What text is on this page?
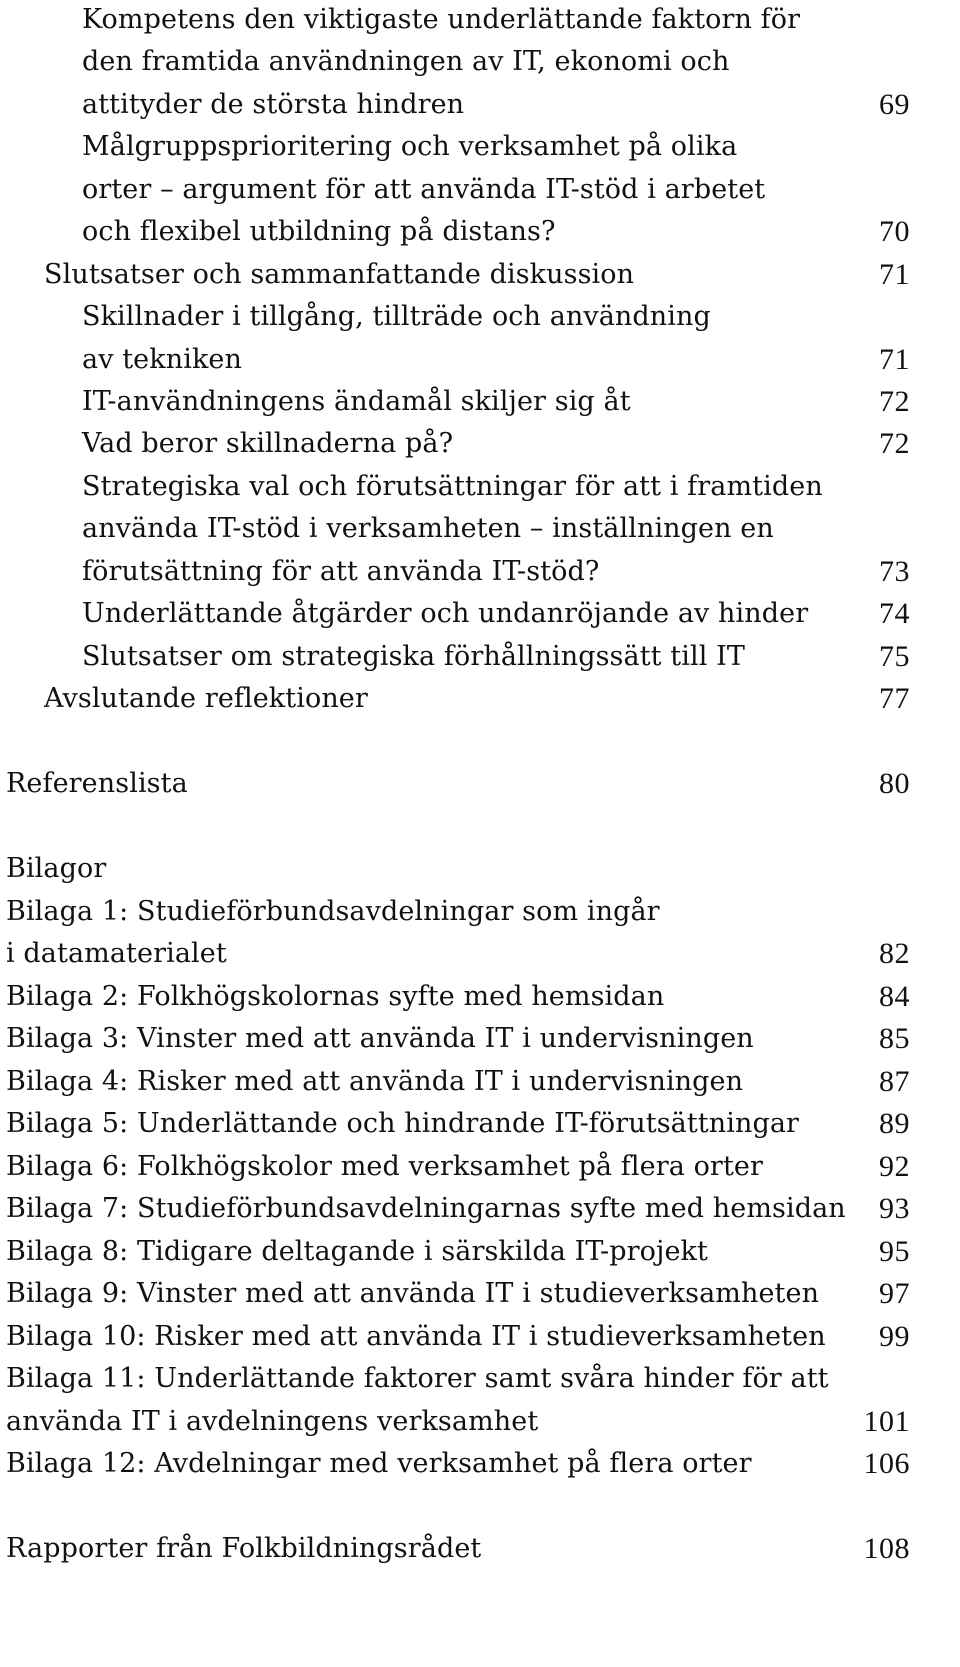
Kompetens den viktigaste underlättande faktorn för
den framtida användningen av IT, ekonomi och
attityder de största hindren	69
Målgruppsprioritering och verksamhet på olika
orter – argument för att använda IT-stöd i arbetet
och flexibel utbildning på distans?	70
Slutsatser och sammanfattande diskussion	71
Skillnader i tillgång, tillträde och användning
av tekniken	71
IT-användningens ändamål skiljer sig åt	72
Vad beror skillnaderna på?	72
Strategiska val och förutsättningar för att i framtiden
använda IT-stöd i verksamheten – inställningen en
förutsättning för att använda IT-stöd?	73
Underlättande åtgärder och undanröjande av hinder 74
Slutsatser om strategiska förhållningssätt till IT	75
Avslutande reflektioner	77
Referenslista	80
Bilagor
Bilaga 1: Studieförbundsavdelningar som ingår
i datamaterialet	82
Bilaga 2: Folkhögskolornas syfte med hemsidan	84
Bilaga 3: Vinster med att använda IT i undervisningen	85
Bilaga 4: Risker med att använda IT i undervisningen	87
Bilaga 5: Underlättande och hindrande IT-förutsättningar	89
Bilaga 6: Folkhögskolor med verksamhet på flera orter	92
Bilaga 7: Studieförbundsavdelningarnas syfte med hemsidan 93
Bilaga 8: Tidigare deltagande i särskilda IT-projekt	95
Bilaga 9: Vinster med att använda IT i studieverksamheten 97
Bilaga 10: Risker med att använda IT i studieverksamheten 99
Bilaga 11: Underlättande faktorer samt svåra hinder för att
använda IT i avdelningens verksamhet	101
Bilaga 12: Avdelningar med verksamhet på flera orter	106
Rapporter från Folkbildningsrådet	108
